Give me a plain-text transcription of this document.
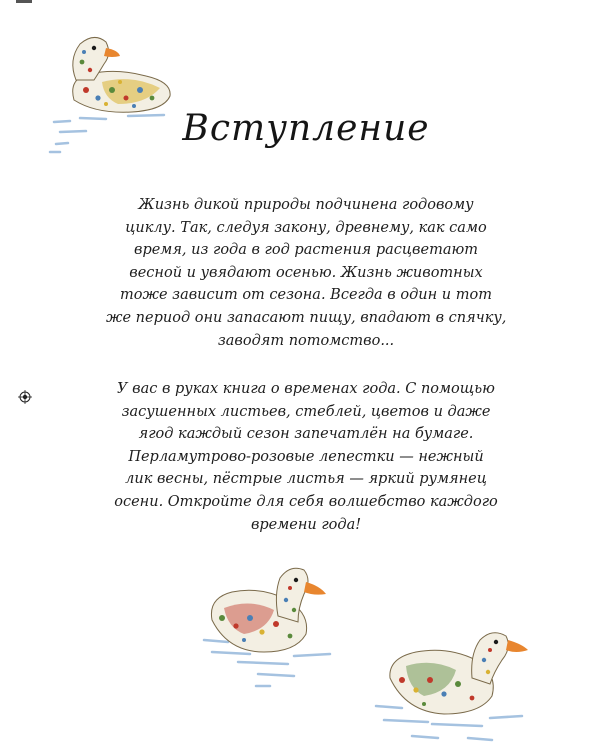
Вступление
Жизнь дикой природы подчинена годовому
циклу. Так, следуя закону, древнему, как само
время, из года в год растения расцветают
весной и увядают осенью. Жизнь животных
тоже зависит от сезона. Всегда в один и тот
же период они запасают пищу, впадают в спячку,
заводят потомство...
У вас в руках книга о временах года. С помощью
засушенных листьев, стеблей, цветов и даже
ягод каждый сезон запечатлён на бумаге.
Перламутрово-розовые лепестки — нежный
лик весны, пёстрые листья — яркий румянец
осени. Откройте для себя волшебство каждого
времени года!
